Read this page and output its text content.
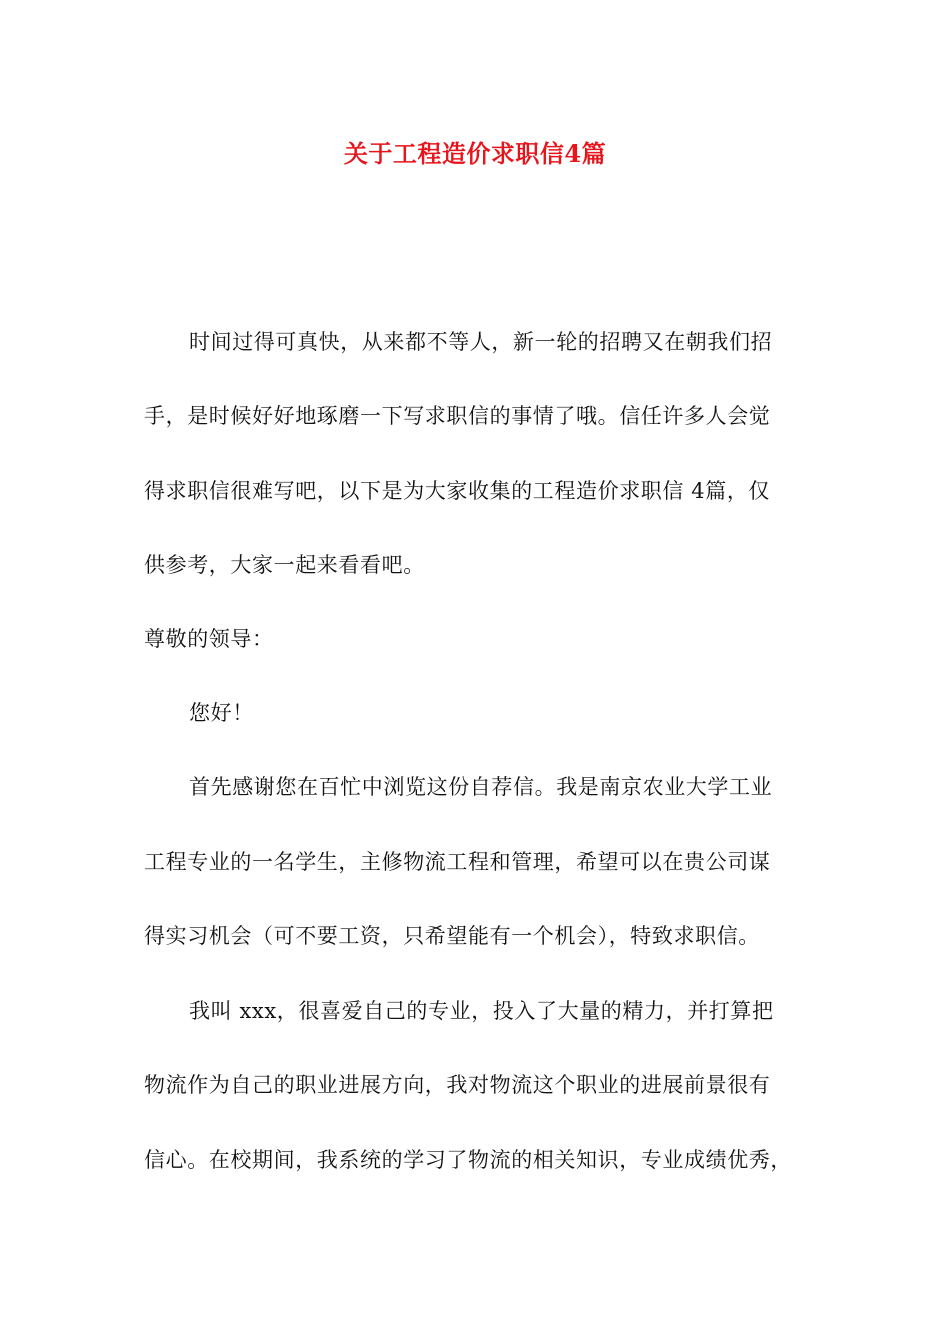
关于工程造价求职信4篇
时间过得可真快，从来都不等人，新一轮的招聘又在朝我们招
手，是时候好好地琢磨一下写求职信的事情了哦。信任许多人会觉
得求职信很难写吧，以下是为大家收集的工程造价求职信 4篇，仅
供参考，大家一起来看看吧。
尊敬的领导：
您好！
首先感谢您在百忙中浏览这份自荐信。我是南京农业大学工业
工程专业的一名学生，主修物流工程和管理，希望可以在贵公司谋
得实习机会（可不要工资，只希望能有一个机会），特致求职信。
我叫 xxx，很喜爱自己的专业，投入了大量的精力，并打算把
物流作为自己的职业进展方向，我对物流这个职业的进展前景很有
信心。在校期间，我系统的学习了物流的相关知识，专业成绩优秀，
